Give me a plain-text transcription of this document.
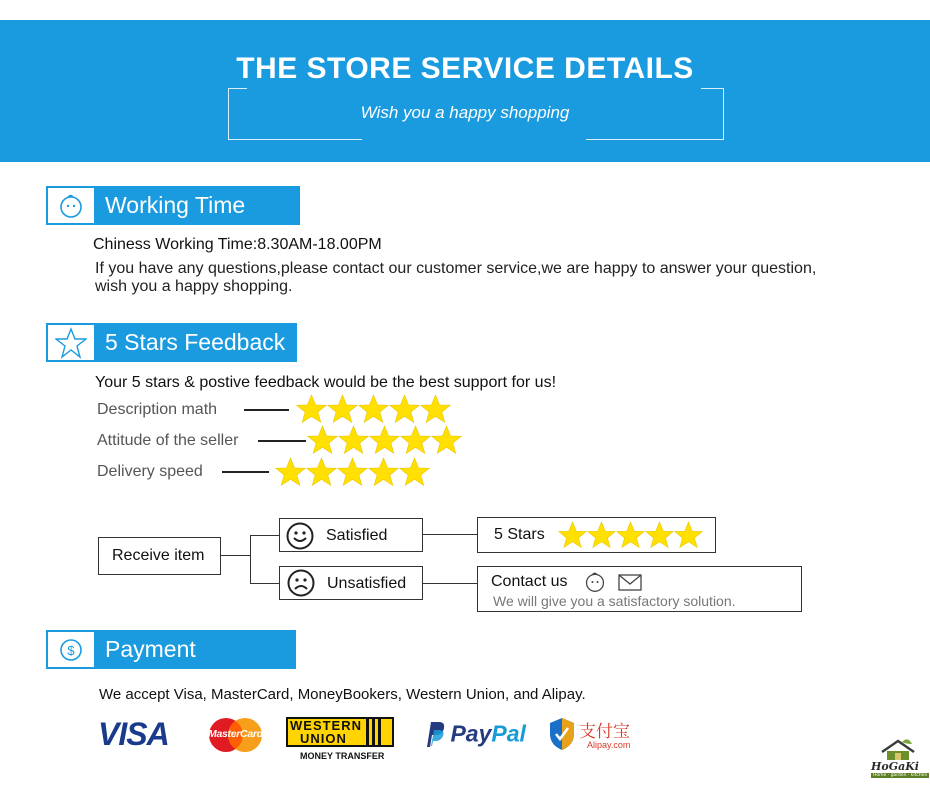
THE STORE SERVICE DETAILS
Wish you a happy shopping
Working Time
Chiness Working Time:8.30AM-18.00PM
If you have any questions,please contact our customer service,we are happy to answer your question,
wish you a happy shopping.
5 Stars Feedback
Your 5 stars & postive feedback would be the best support for us!
Description math
Attitude of the seller
Delivery speed
Receive item
Satisfied
Unsatisfied
5 Stars
Contact us
We will give you a satisfactory solution.
$ Payment
We accept Visa, MasterCard, MoneyBookers, Western Union, and Alipay.
VISA	MasterCard
WESTERN
UNION
MONEY TRANSFER
PayPal	支付宝
Alipay.com
HoGaKi
Home · garden · kitchen
